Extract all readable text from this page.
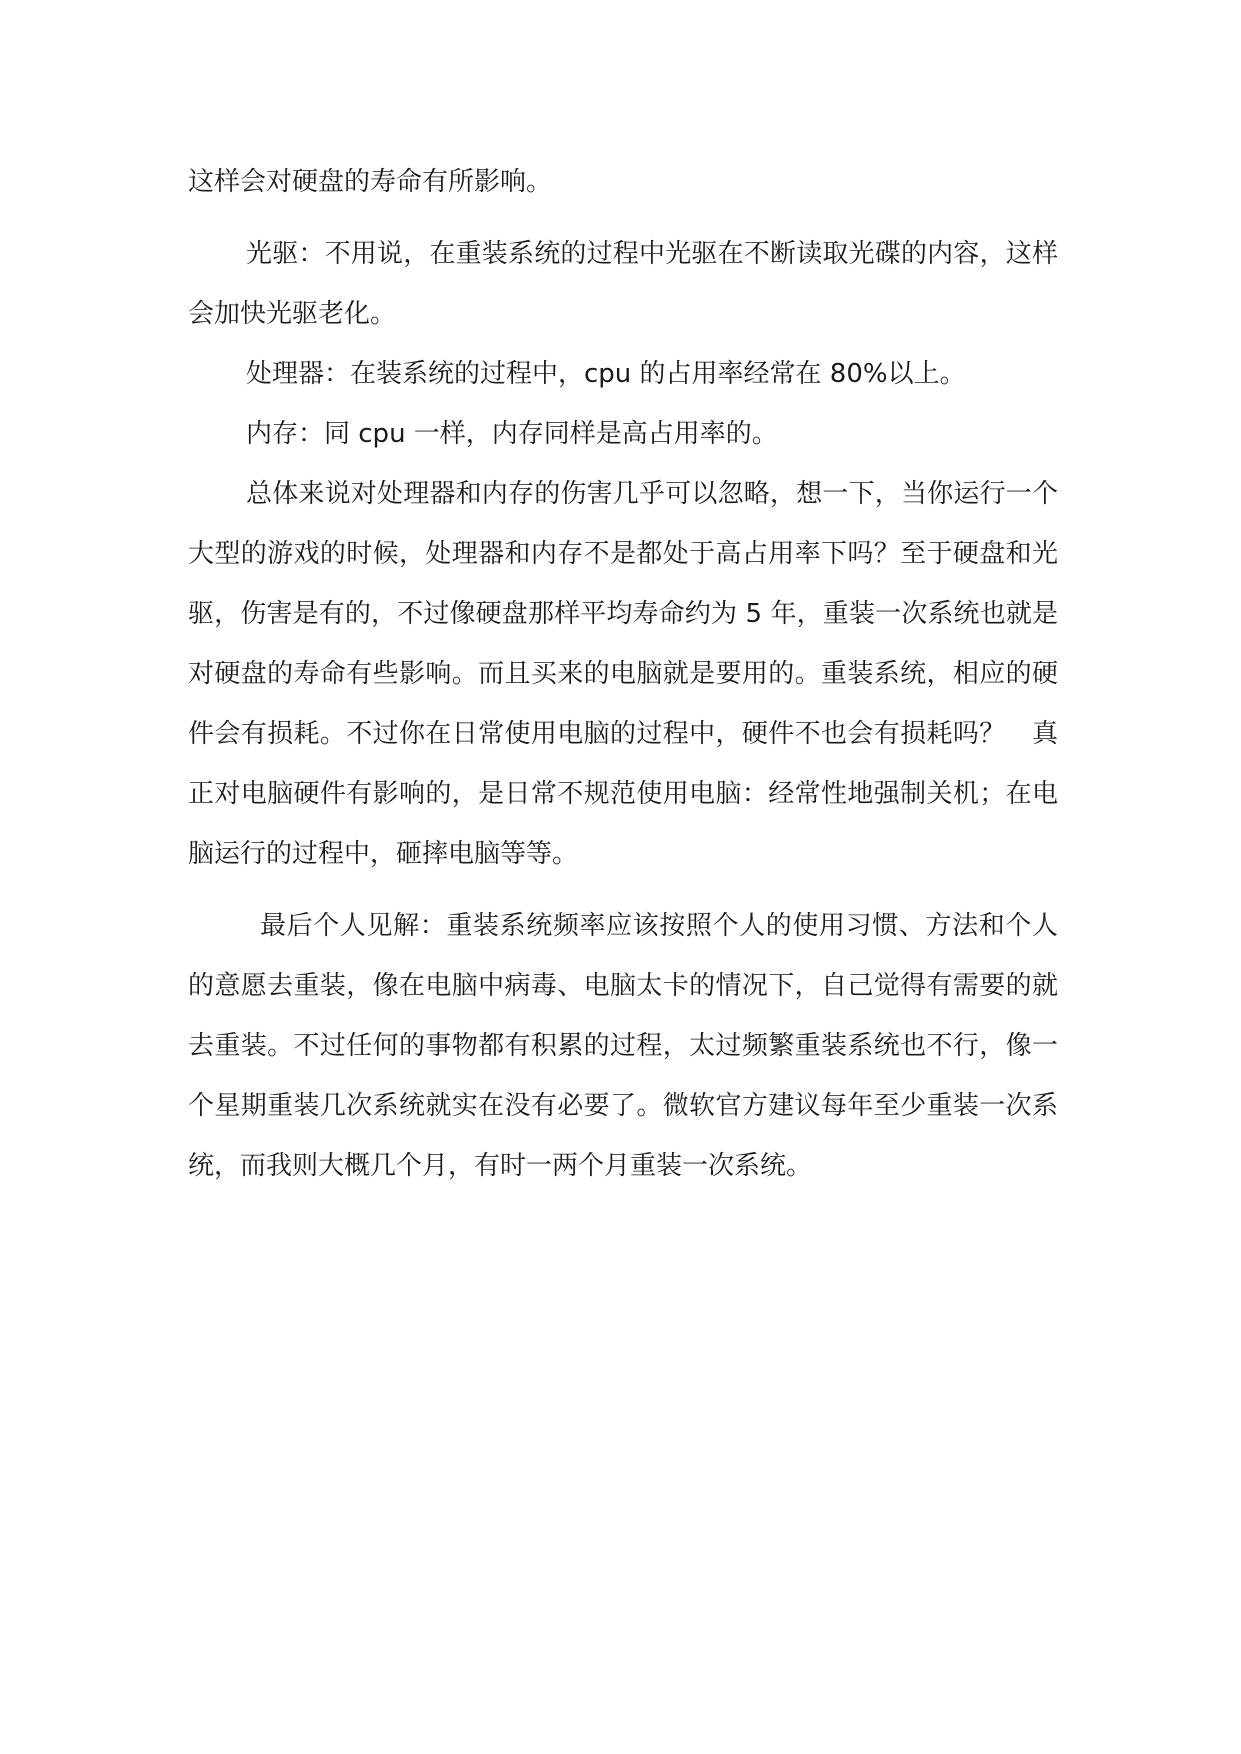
这样会对硬盘的寿命有所影响。

光驱：不用说，在重装系统的过程中光驱在不断读取光碟的内容，这样会加快光驱老化。

处理器：在装系统的过程中，cpu 的占用率经常在 80%以上。

内存：同 cpu 一样，内存同样是高占用率的。

总体来说对处理器和内存的伤害几乎可以忽略，想一下，当你运行一个大型的游戏的时候，处理器和内存不是都处于高占用率下吗？至于硬盘和光驱，伤害是有的，不过像硬盘那样平均寿命约为 5 年，重装一次系统也就是对硬盘的寿命有些影响。而且买来的电脑就是要用的。重装系统，相应的硬件会有损耗。不过你在日常使用电脑的过程中，硬件不也会有损耗吗？　真正对电脑硬件有影响的，是日常不规范使用电脑：经常性地强制关机；在电脑运行的过程中，砸摔电脑等等。

最后个人见解：重装系统频率应该按照个人的使用习惯、方法和个人的意愿去重装，像在电脑中病毒、电脑太卡的情况下，自己觉得有需要的就去重装。不过任何的事物都有积累的过程，太过频繁重装系统也不行，像一个星期重装几次系统就实在没有必要了。微软官方建议每年至少重装一次系统，而我则大概几个月，有时一两个月重装一次系统。
